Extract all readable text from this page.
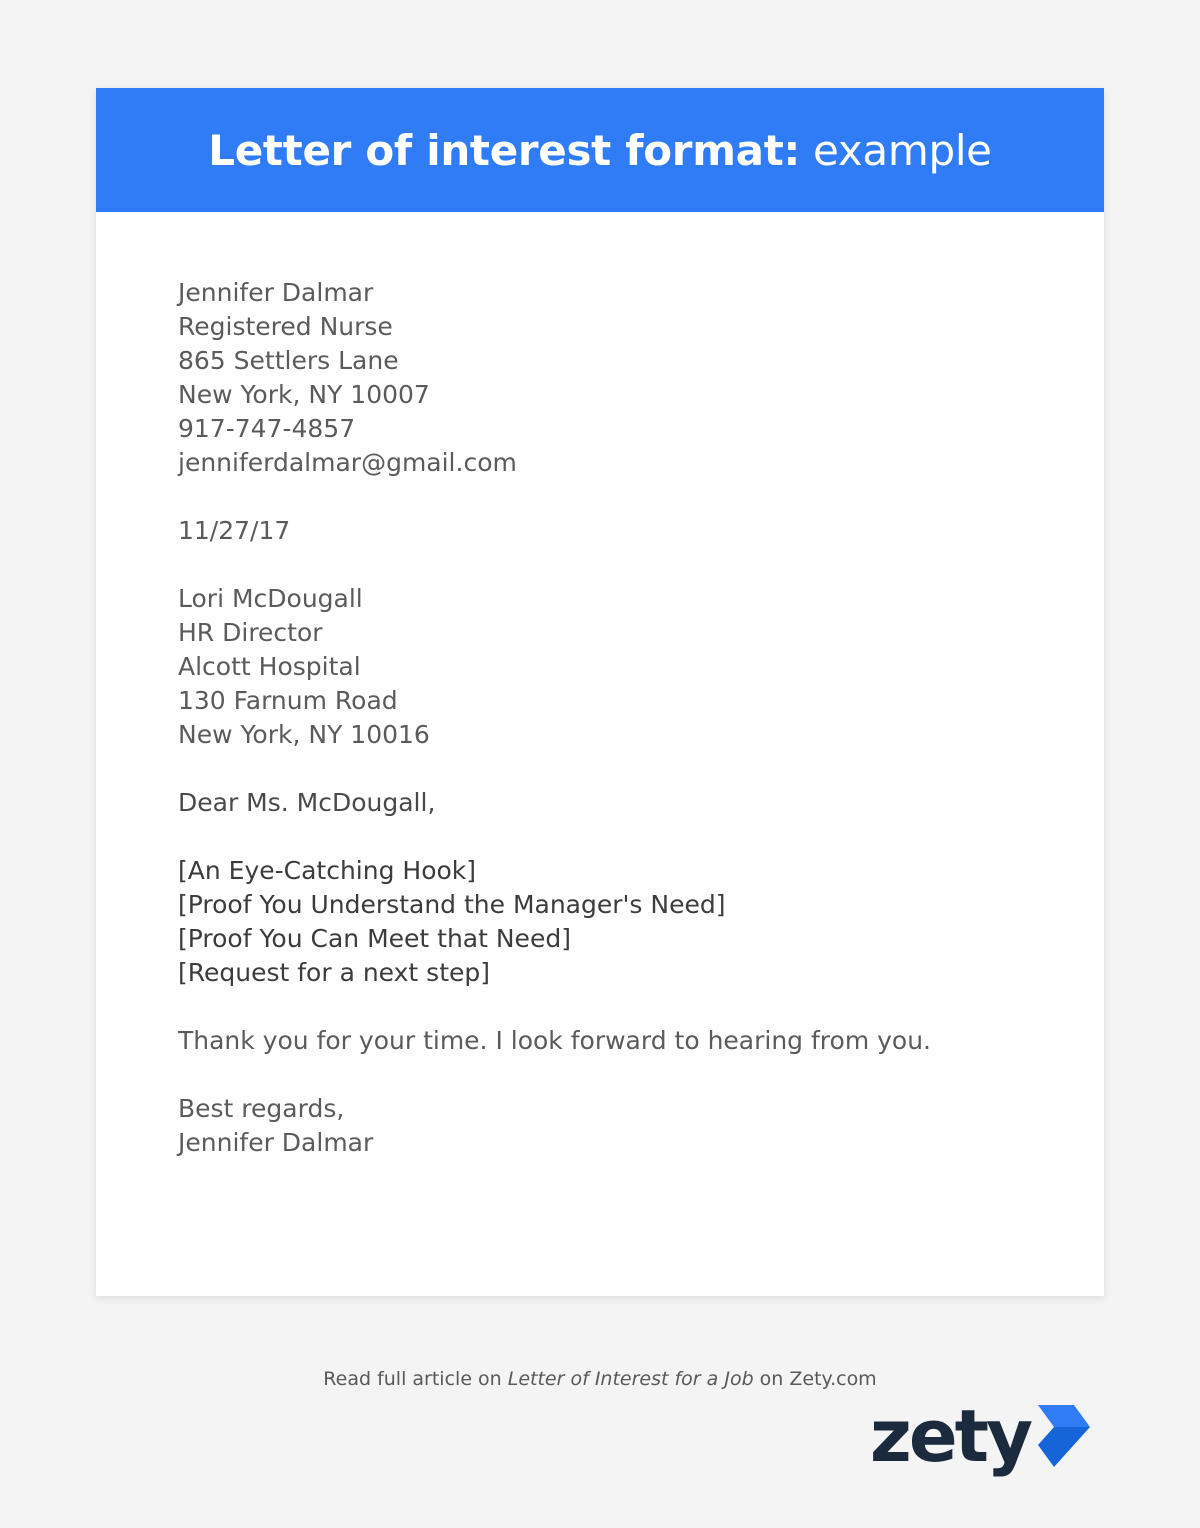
Letter of interest format: example
Jennifer Dalmar
Registered Nurse
865 Settlers Lane
New York, NY 10007
917-747-4857
jenniferdalmar@gmail.com
11/27/17
Lori McDougall
HR Director
Alcott Hospital
130 Farnum Road
New York, NY 10016
Dear Ms. McDougall,
[An Eye-Catching Hook]
[Proof You Understand the Manager's Need]
[Proof You Can Meet that Need]
[Request for a next step]
Thank you for your time. I look forward to hearing from you.
Best regards,
Jennifer Dalmar
Read full article on Letter of Interest for a Job on Zety.com
zety
